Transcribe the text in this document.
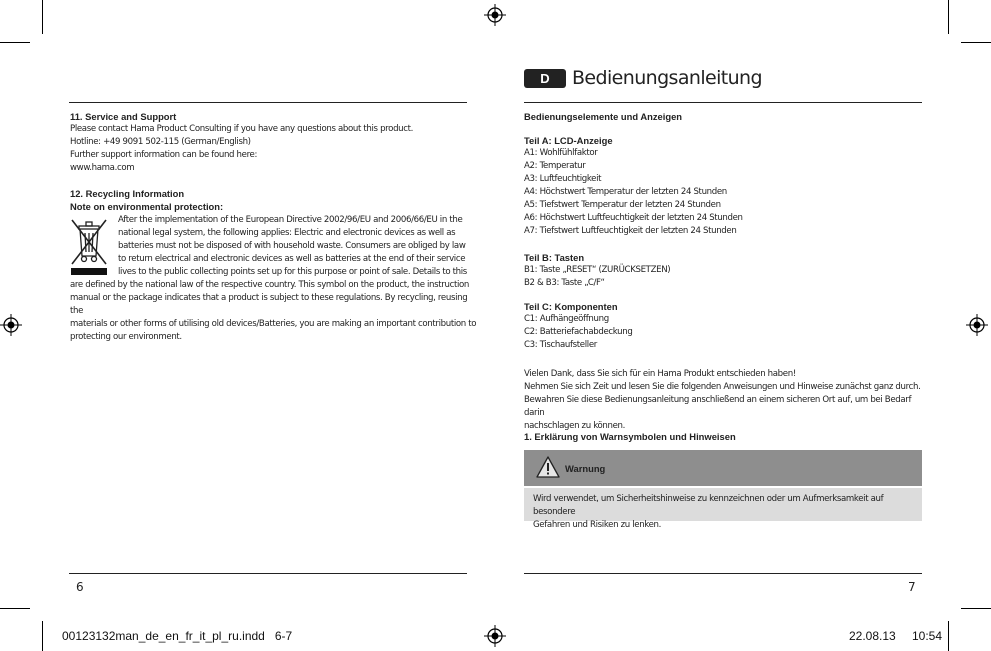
11. Service and Support

Please contact Hama Product Consulting if you have any questions about this product.

Hotline: +49 9091 502-115 (German/English)

Further support information can be found here:

www.hama.com

12. Recycling Information

Note on environmental protection:

After the implementation of the European Directive 2002/96/EU and 2006/66/EU in the

national legal system, the following applies: Electric and electronic devices as well as

batteries must not be disposed of with household waste. Consumers are obliged by law

to return electrical and electronic devices as well as batteries at the end of their service

lives to the public collecting points set up for this purpose or point of sale. Details to this

are defined by the national law of the respective country. This symbol on the product, the instruction

manual or the package indicates that a product is subject to these regulations. By recycling, reusing the

materials or other forms of utilising old devices/Batteries, you are making an important contribution to

protecting our environment.

6
D	Bedienungsanleitung

Bedienungselemente und Anzeigen

Teil A: LCD-Anzeige

A1: Wohlfühlfaktor

A2: Temperatur

A3: Luftfeuchtigkeit

A4: Höchstwert Temperatur der letzten 24 Stunden

A5: Tiefstwert Temperatur der letzten 24 Stunden

A6: Höchstwert Luftfeuchtigkeit der letzten 24 Stunden

A7: Tiefstwert Luftfeuchtigkeit der letzten 24 Stunden

Teil B: Tasten

B1: Taste „RESET“ (ZURÜCKSETZEN)

B2 & B3: Taste „C/F“

Teil C: Komponenten

C1: Aufhängeöffnung

C2: Batteriefachabdeckung

C3: Tischaufsteller

Vielen Dank, dass Sie sich für ein Hama Produkt entschieden haben!

Nehmen Sie sich Zeit und lesen Sie die folgenden Anweisungen und Hinweise zunächst ganz durch.

Bewahren Sie diese Bedienungsanleitung anschließend an einem sicheren Ort auf, um bei Bedarf darin

nachschlagen zu können.

1. Erklärung von Warnsymbolen und Hinweisen

Warnung

Wird verwendet, um Sicherheitshinweise zu kennzeichnen oder um Aufmerksamkeit auf besondere

Gefahren und Risiken zu lenken.

7
00123132man_de_en_fr_it_pl_ru.indd   6-7	22.08.13 10:54
